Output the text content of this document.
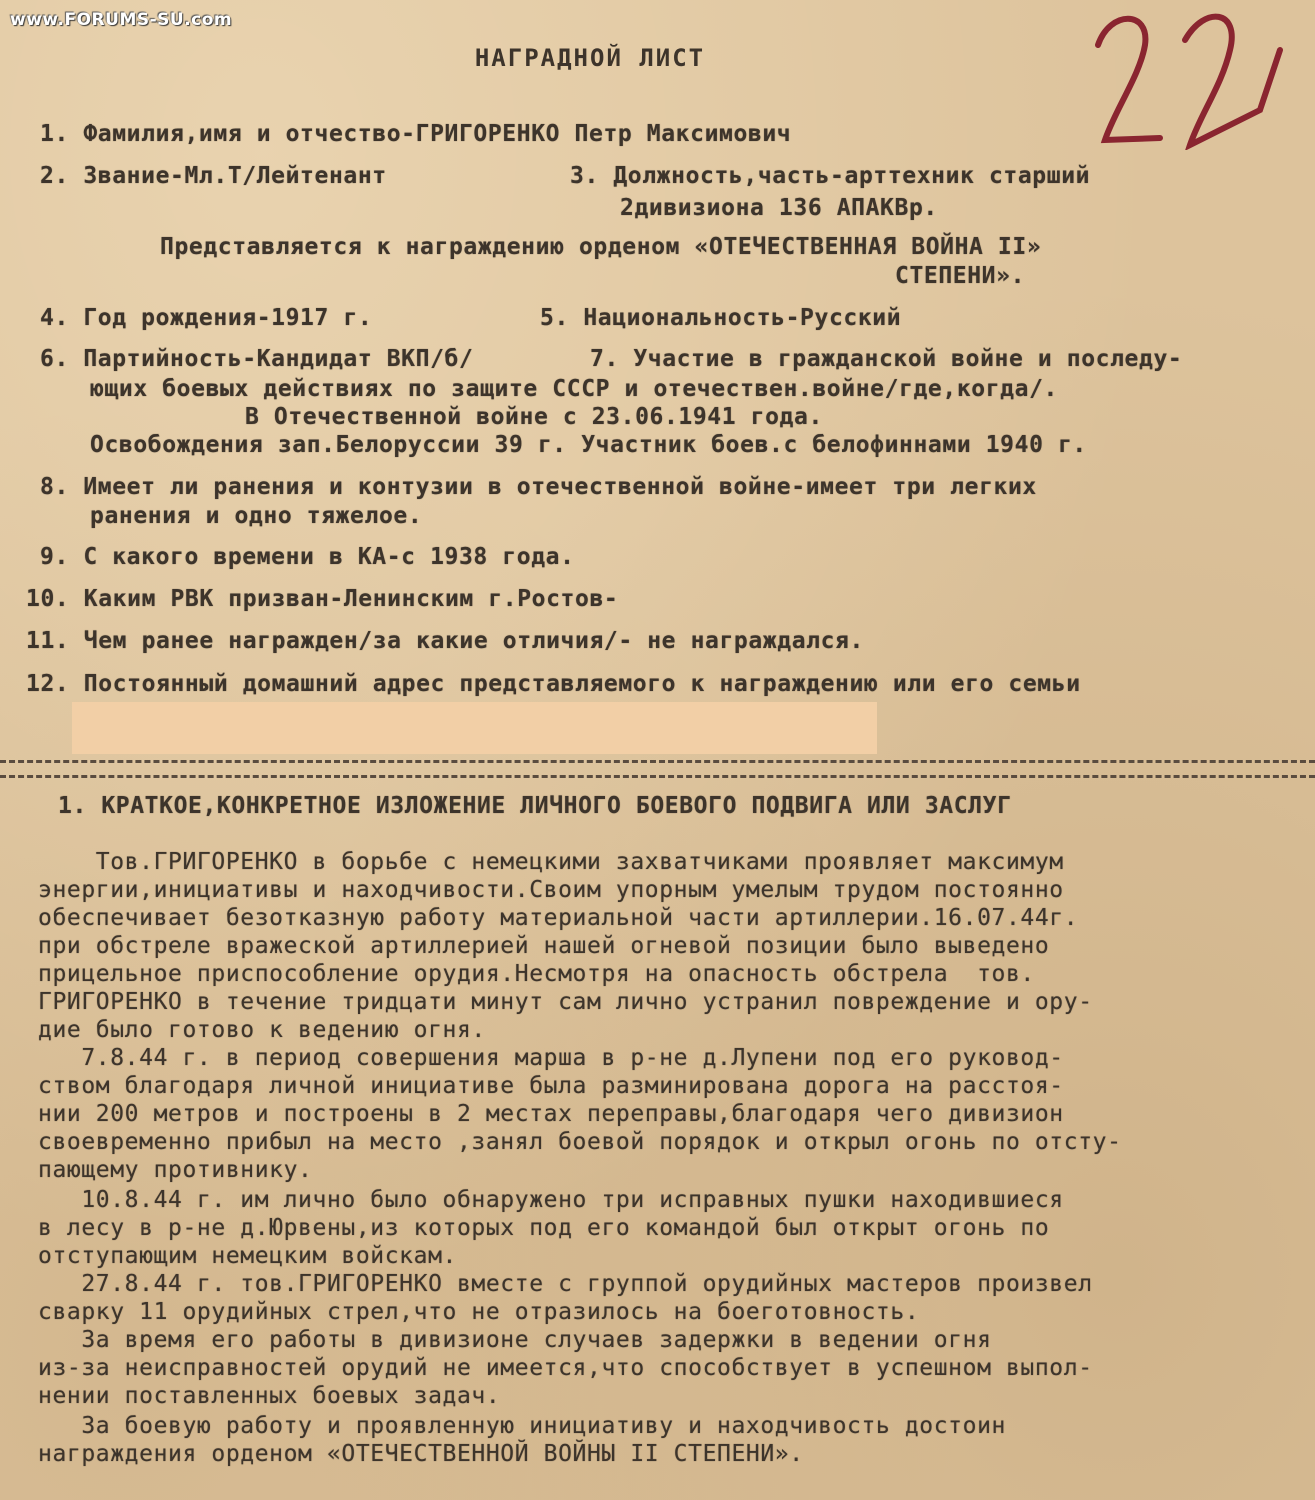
www.FORUMS-SU.com
НАГРАДНОЙ ЛИСТ
1. Фамилия,имя и отчество-ГРИГОРЕНКО Петр Максимович
2. Звание-Мл.Т/Лейтенант	3. Должность,часть-арттехник старший
2дивизиона 136 АПАКВр.
Представляется к награждению орденом «ОТЕЧЕСТВЕННАЯ ВОЙНА II»
СТЕПЕНИ».
4. Год рождения-1917 г.	5. Национальность-Русский
6. Партийность-Кандидат ВКП/б/	7. Участие в гражданской войне и последу-
ющих боевых действиях по защите СССР и отечествен.войне/где,когда/.
В Отечественной войне с 23.06.1941 года.
Освобождения зап.Белоруссии 39 г. Участник боев.с белофиннами 1940 г.
8. Имеет ли ранения и контузии в отечественной войне-имеет три легких
ранения и одно тяжелое.
9. С какого времени в КА-с 1938 года.
10. Каким РВК призван-Ленинским г.Ростов-
11. Чем ранее награжден/за какие отличия/- не награждался.
12. Постоянный домашний адрес представляемого к награждению или его семьи
1. КРАТКОЕ,КОНКРЕТНОЕ ИЗЛОЖЕНИЕ ЛИЧНОГО БОЕВОГО ПОДВИГА ИЛИ ЗАСЛУГ
Тов.ГРИГОРЕНКО в борьбе с немецкими захватчиками проявляет максимум
энергии,инициативы и находчивости.Своим упорным умелым трудом постоянно
обеспечивает безотказную работу материальной части артиллерии.16.07.44г.
при обстреле вражеской артиллерией нашей огневой позиции было выведено
прицельное приспособление орудия.Несмотря на опасность обстрела  тов.
ГРИГОРЕНКО в течение тридцати минут сам лично устранил повреждение и ору-
дие было готово к ведению огня.
7.8.44 г. в период совершения марша в р-не д.Лупени под его руковод-
ством благодаря личной инициативе была разминирована дорога на расстоя-
нии 200 метров и построены в 2 местах переправы,благодаря чего дивизион
своевременно прибыл на место ,занял боевой порядок и открыл огонь по отсту-
пающему противнику.
10.8.44 г. им лично было обнаружено три исправных пушки находившиеся
в лесу в р-не д.Юрвены,из которых под его командой был открыт огонь по
отступающим немецким войскам.
27.8.44 г. тов.ГРИГОРЕНКО вместе с группой орудийных мастеров произвел
сварку 11 орудийных стрел,что не отразилось на боеготовность.
За время его работы в дивизионе случаев задержки в ведении огня
из-за неисправностей орудий не имеется,что способствует в успешном выпол-
нении поставленных боевых задач.
За боевую работу и проявленную инициативу и находчивость достоин
награждения орденом «ОТЕЧЕСТВЕННОЙ ВОЙНЫ II СТЕПЕНИ».
